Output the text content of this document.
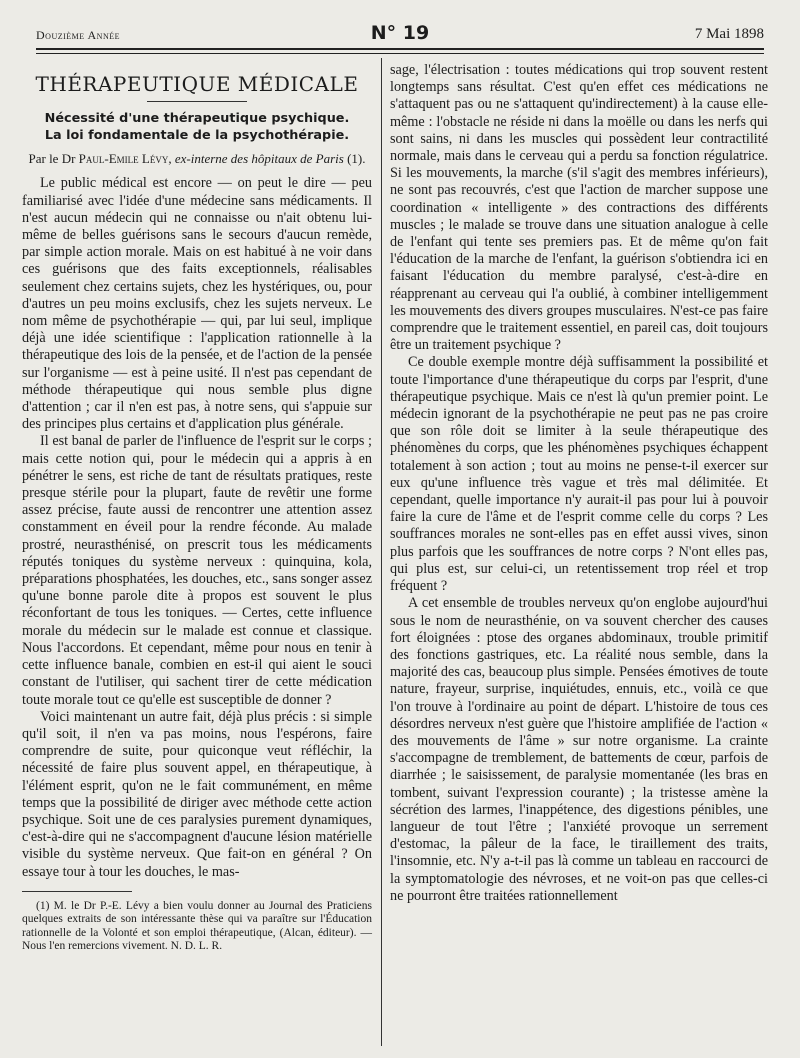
Douzième Année	N° 19	7 Mai 1898
THÉRAPEUTIQUE MÉDICALE
Nécessité d'une thérapeutique psychique.
La loi fondamentale de la psychothérapie.
Par le Dr Paul-Emile Lévy, ex-interne des hôpitaux de Paris (1).

Le public médical est encore — on peut le dire — peu familiarisé avec l'idée d'une médecine sans médicaments. Il n'est aucun médecin qui ne connaisse ou n'ait obtenu lui-même de belles guérisons sans le secours d'aucun remède, par simple action morale. Mais on est habitué à ne voir dans ces guérisons que des faits exceptionnels, réalisables seulement chez certains sujets, chez les hystériques, ou, pour d'autres un peu moins exclusifs, chez les sujets nerveux. Le nom même de psychothérapie — qui, par lui seul, implique déjà une idée scientifique : l'application rationnelle à la thérapeutique des lois de la pensée, et de l'action de la pensée sur l'organisme — est à peine usité. Il n'est pas cependant de méthode thérapeutique qui nous semble plus digne d'attention ; car il n'en est pas, à notre sens, qui s'appuie sur des principes plus certains et d'application plus générale.

Il est banal de parler de l'influence de l'esprit sur le corps ; mais cette notion qui, pour le médecin qui a appris à en pénétrer le sens, est riche de tant de résultats pratiques, reste presque stérile pour la plupart, faute de revêtir une forme assez précise, faute aussi de rencontrer une attention assez constamment en éveil pour la rendre féconde. Au malade prostré, neurasthénisé, on prescrit tous les médicaments réputés toniques du système nerveux : quinquina, kola, préparations phosphatées, les douches, etc., sans songer assez qu'une bonne parole dite à propos est souvent le plus réconfortant de tous les toniques. — Certes, cette influence morale du médecin sur le malade est connue et classique. Nous l'accordons. Et cependant, même pour nous en tenir à cette influence banale, combien en est-il qui aient le souci constant de l'utiliser, qui sachent tirer de cette médication toute morale tout ce qu'elle est susceptible de donner ?

Voici maintenant un autre fait, déjà plus précis : si simple qu'il soit, il n'en va pas moins, nous l'espérons, faire comprendre de suite, pour quiconque veut réfléchir, la nécessité de faire plus souvent appel, en thérapeutique, à l'élément esprit, qu'on ne le fait communément, en même temps que la possibilité de diriger avec méthode cette action psychique. Soit une de ces paralysies purement dynamiques, c'est-à-dire qui ne s'accompagnent d'aucune lésion matérielle visible du système nerveux. Que fait-on en général ? On essaye tour à tour les douches, le mas-

(1) M. le Dr P.-E. Lévy a bien voulu donner au Journal des Praticiens quelques extraits de son intéressante thèse qui va paraître sur l'Éducation rationnelle de la Volonté et son emploi thérapeutique, (Alcan, éditeur). — Nous l'en remercions vivement. N. D. L. R.

sage, l'électrisation : toutes médications qui trop souvent restent longtemps sans résultat. C'est qu'en effet ces médications ne s'attaquent pas ou ne s'attaquent qu'indirectement) à la cause elle-même : l'obstacle ne réside ni dans la moëlle ou dans les nerfs qui sont sains, ni dans les muscles qui possèdent leur contractilité normale, mais dans le cerveau qui a perdu sa fonction régulatrice. Si les mouvements, la marche (s'il s'agit des membres inférieurs), ne sont pas recouvrés, c'est que l'action de marcher suppose une coordination « intelligente » des contractions des différents muscles ; le malade se trouve dans une situation analogue à celle de l'enfant qui tente ses premiers pas. Et de même qu'on fait l'éducation de la marche de l'enfant, la guérison s'obtiendra ici en faisant l'éducation du membre paralysé, c'est-à-dire en réapprenant au cerveau qui l'a oublié, à combiner intelligemment les mouvements des divers groupes musculaires. N'est-ce pas faire comprendre que le traitement essentiel, en pareil cas, doit toujours être un traitement psychique ?

Ce double exemple montre déjà suffisamment la possibilité et toute l'importance d'une thérapeutique du corps par l'esprit, d'une thérapeutique psychique. Mais ce n'est là qu'un premier point. Le médecin ignorant de la psychothérapie ne peut pas ne pas croire que son rôle doit se limiter à la seule thérapeutique des phénomènes du corps, que les phénomènes psychiques échappent totalement à son action ; tout au moins ne pense-t-il exercer sur eux qu'une influence très vague et très mal délimitée. Et cependant, quelle importance n'y aurait-il pas pour lui à pouvoir faire la cure de l'âme et de l'esprit comme celle du corps ? Les souffrances morales ne sont-elles pas en effet aussi vives, sinon plus parfois que les souffrances de notre corps ? N'ont elles pas, qui plus est, sur celui-ci, un retentissement trop réel et trop fréquent ?

A cet ensemble de troubles nerveux qu'on englobe aujourd'hui sous le nom de neurasthénie, on va souvent chercher des causes fort éloignées : ptose des organes abdominaux, trouble primitif des fonctions gastriques, etc. La réalité nous semble, dans la majorité des cas, beaucoup plus simple. Pensées émotives de toute nature, frayeur, surprise, inquiétudes, ennuis, etc., voilà ce que l'on trouve à l'ordinaire au point de départ. L'histoire de tous ces désordres nerveux n'est guère que l'histoire amplifiée de l'action « des mouvements de l'âme » sur notre organisme. La crainte s'accompagne de tremblement, de battements de cœur, parfois de diarrhée ; le saisissement, de paralysie momentanée (les bras en tombent, suivant l'expression courante) ; la tristesse amène la sécrétion des larmes, l'inappétence, des digestions pénibles, une langueur de tout l'être ; l'anxiété provoque un serrement d'estomac, la pâleur de la face, le tiraillement des traits, l'insomnie, etc. N'y a-t-il pas là comme un tableau en raccourci de la symptomatologie des névroses, et ne voit-on pas que celles-ci ne pourront être traitées rationnellement
